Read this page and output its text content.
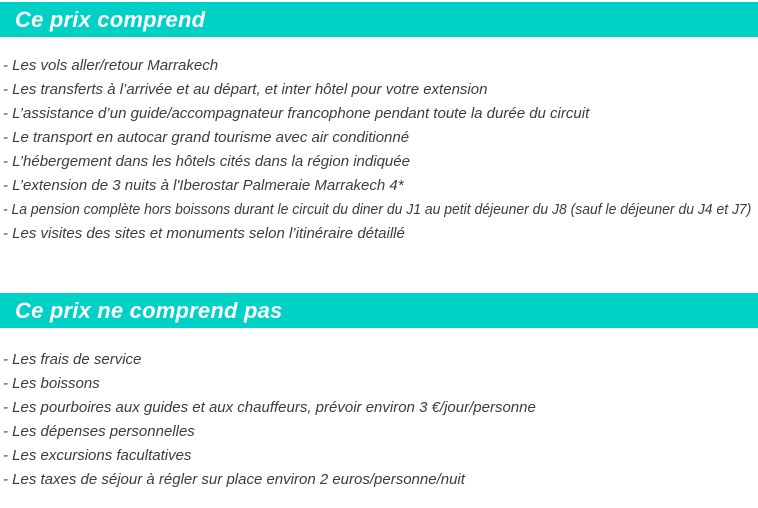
Ce prix comprend
- Les vols aller/retour Marrakech
- Les transferts à l’arrivée et au départ, et inter hôtel pour votre extension
- L’assistance d’un guide/accompagnateur francophone pendant toute la durée du circuit
- Le transport en autocar grand tourisme avec air conditionné
- L’hébergement dans les hôtels cités dans la région indiquée
- L’extension de 3 nuits à l'Iberostar Palmeraie Marrakech 4*
- La pension complète hors boissons durant le circuit du diner du J1 au petit déjeuner du J8 (sauf le déjeuner du J4 et J7)
- Les visites des sites et monuments selon l’itinéraire détaillé
Ce prix ne comprend pas
- Les frais de service
- Les boissons
- Les pourboires aux guides et aux chauffeurs, prévoir environ 3 €/jour/personne
- Les dépenses personnelles
- Les excursions facultatives
- Les taxes de séjour à régler sur place environ 2 euros/personne/nuit
